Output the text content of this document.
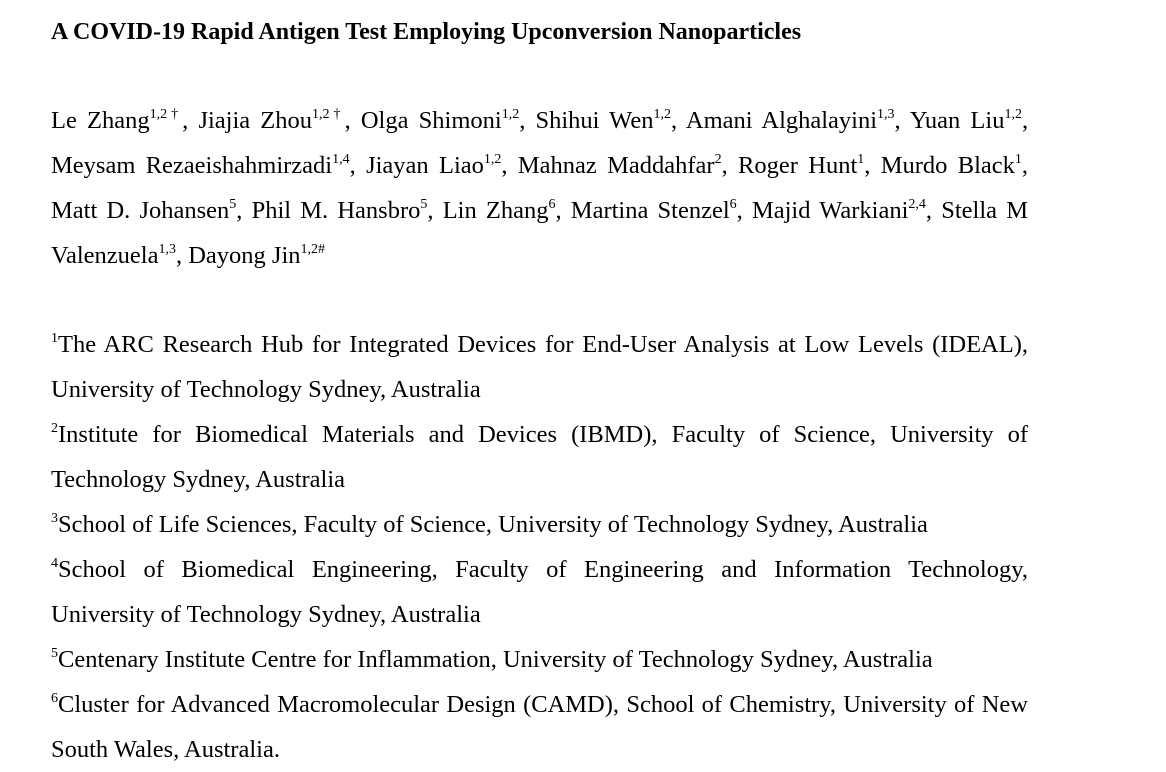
A COVID-19 Rapid Antigen Test Employing Upconversion Nanoparticles

Le Zhang$^{1,2\dagger}$, Jiajia Zhou$^{1,2\dagger}$, Olga Shimoni$^{1,2}$, Shihui Wen$^{1,2}$, Amani Alghalayini$^{1,3}$, Yuan Liu$^{1,2}$, Meysam Rezaeishahmirzadi$^{1,4}$, Jiayan Liao$^{1,2}$, Mahnaz Maddahfar$^2$, Roger Hunt$^1$, Murdo Black$^1$, Matt D. Johansen$^5$, Phil M. Hansbro$^5$, Lin Zhang$^6$, Martina Stenzel$^6$, Majid Warkiani$^{2,4}$, Stella M Valenzuela$^{1,3}$, Dayong Jin$^{1,2\#}$

$^1$The ARC Research Hub for Integrated Devices for End-User Analysis at Low Levels (IDEAL), University of Technology Sydney, Australia

$^2$Institute for Biomedical Materials and Devices (IBMD), Faculty of Science, University of Technology Sydney, Australia

$^3$School of Life Sciences, Faculty of Science, University of Technology Sydney, Australia

$^4$School of Biomedical Engineering, Faculty of Engineering and Information Technology, University of Technology Sydney, Australia

$^5$Centenary Institute Centre for Inflammation, University of Technology Sydney, Australia

$^6$Cluster for Advanced Macromolecular Design (CAMD), School of Chemistry, University of New South Wales, Australia.
